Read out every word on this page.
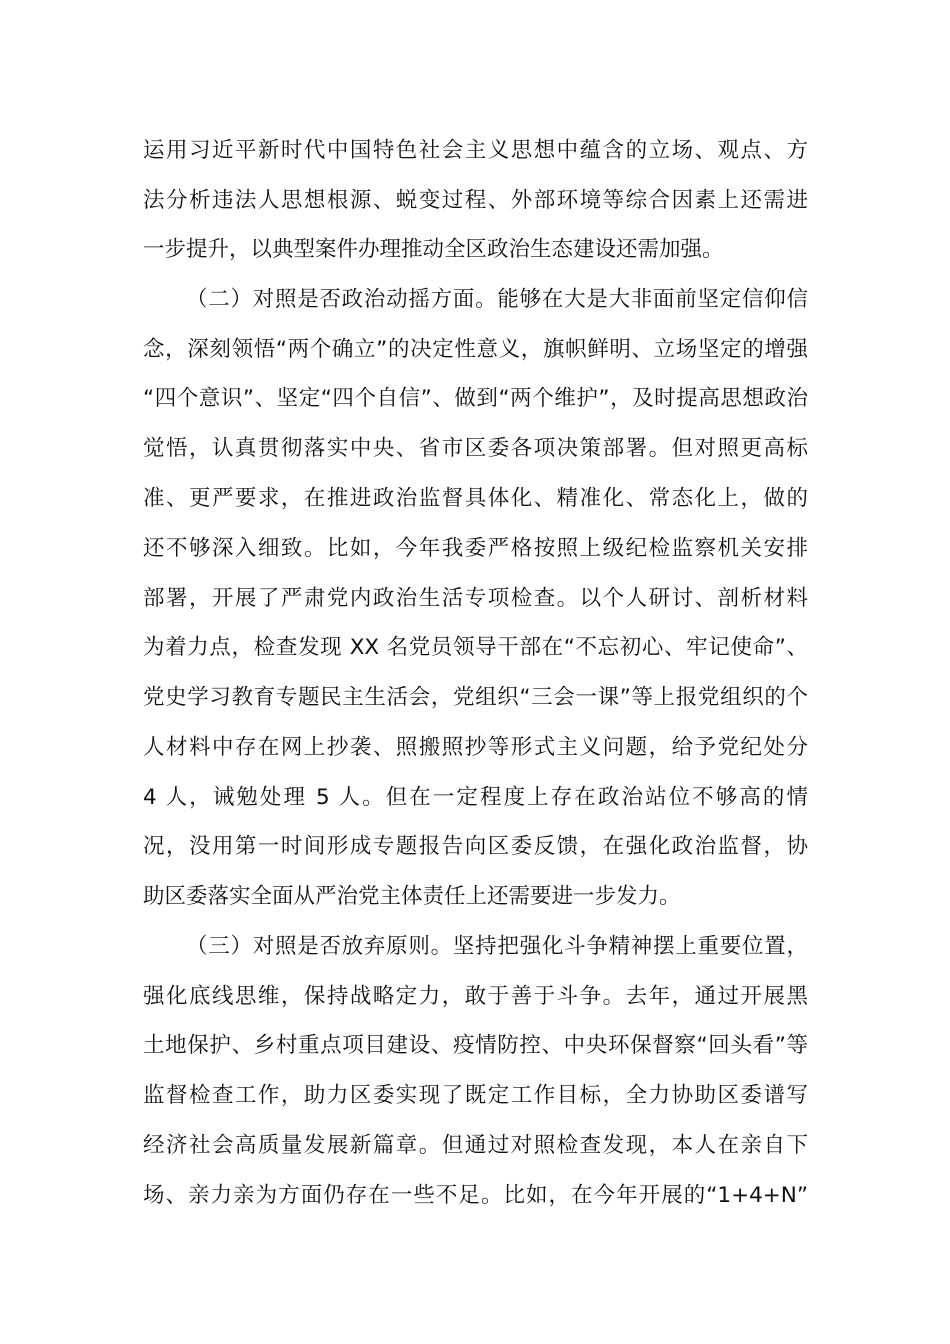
运用习近平新时代中国特色社会主义思想中蕴含的立场、观点、方
法分析违法人思想根源、蜕变过程、外部环境等综合因素上还需进
一步提升，以典型案件办理推动全区政治生态建设还需加强。
（二）对照是否政治动摇方面。能够在大是大非面前坚定信仰信
念，深刻领悟“两个确立”的决定性意义，旗帜鲜明、立场坚定的增强
“四个意识”、坚定“四个自信”、做到“两个维护”，及时提高思想政治
觉悟，认真贯彻落实中央、省市区委各项决策部署。但对照更高标
准、更严要求，在推进政治监督具体化、精准化、常态化上，做的
还不够深入细致。比如，今年我委严格按照上级纪检监察机关安排
部署，开展了严肃党内政治生活专项检查。以个人研讨、剖析材料
为着力点，检查发现 XX 名党员领导干部在“不忘初心、牢记使命”、
党史学习教育专题民主生活会，党组织“三会一课”等上报党组织的个
人材料中存在网上抄袭、照搬照抄等形式主义问题，给予党纪处分
4 人，诫勉处理 5 人。但在一定程度上存在政治站位不够高的情
况，没用第一时间形成专题报告向区委反馈，在强化政治监督，协
助区委落实全面从严治党主体责任上还需要进一步发力。
（三）对照是否放弃原则。坚持把强化斗争精神摆上重要位置，
强化底线思维，保持战略定力，敢于善于斗争。去年，通过开展黑
土地保护、乡村重点项目建设、疫情防控、中央环保督察“回头看”等
监督检查工作，助力区委实现了既定工作目标，全力协助区委谱写
经济社会高质量发展新篇章。但通过对照检查发现，本人在亲自下
场、亲力亲为方面仍存在一些不足。比如，在今年开展的“1+4+N”
